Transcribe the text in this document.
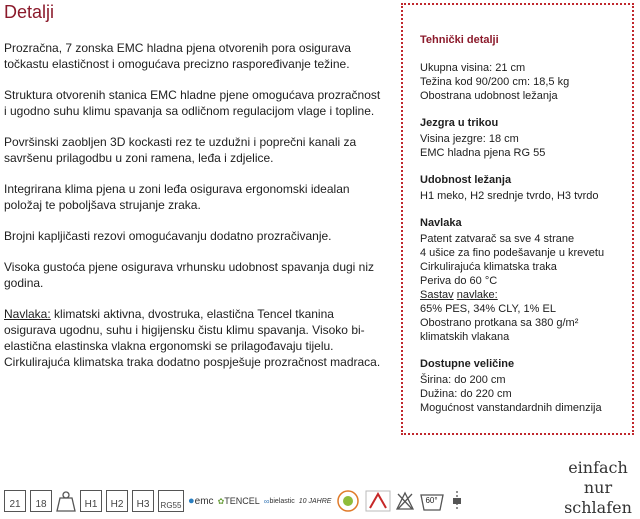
Detalji

Prozračna, 7 zonska EMC hladna pjena otvorenih pora osigurava točkastu elastičnost i omogućava precizno raspoređivanje težine.

Struktura otvorenih stanica EMC hladne pjene omogućava prozračnost i ugodno suhu klimu spavanja sa odličnom regulacijom vlage i topline.

Površinski zaobljen 3D kockasti rez te uzdužni i poprečni kanali za savršenu prilagodbu u zoni ramena, leđa i zdjelice.

Integrirana klima pjena u zoni leđa osigurava ergonomski idealan položaj te poboljšava strujanje zraka.

Brojni kapljičasti rezovi omogućavanju dodatno prozračivanje.

Visoka gustoća pjene osigurava vrhunsku udobnost spavanja dugi niz godina.

Navlaka: klimatski aktivna, dvostruka, elastična Tencel tkanina osigurava ugodnu, suhu i higijensku čistu klimu spavanja. Visoko bi-elastična elastinska vlakna ergonomski se prilagođavaju tijelu. Cirkulirajuća klimatska traka dodatno pospješuje prozračnost madraca.

Tehnički detalji
Ukupna visina: 21 cm
Težina kod 90/200 cm: 18,5 kg
Obostrana udobnost ležanja
Jezgra u trikou
Visina jezgre: 18 cm
EMC hladna pjena RG 55
Udobnost ležanja
H1 meko, H2 srednje tvrdo, H3 tvrdo
Navlaka
Patent zatvarač sa sve 4 strane
4 ušice za fino podešavanje u krevetu
Cirkulirajuća klimatska traka
Periva do 60 °C
Sastav navlake:
65% PES, 34% CLY, 1% EL
Obostrano protkana sa 380 g/m²
klimatskih vlakana
Dostupne veličine
Širina: do 200 cm
Dužina: do 220 cm
Mogućnost vanstandardnih dimenzija
21	18	H1	H2	H3	RG55 ● emc ✿ TENCEL ∞ bielastic 10 JAHRE	60°
einfach
nur
schlafen
